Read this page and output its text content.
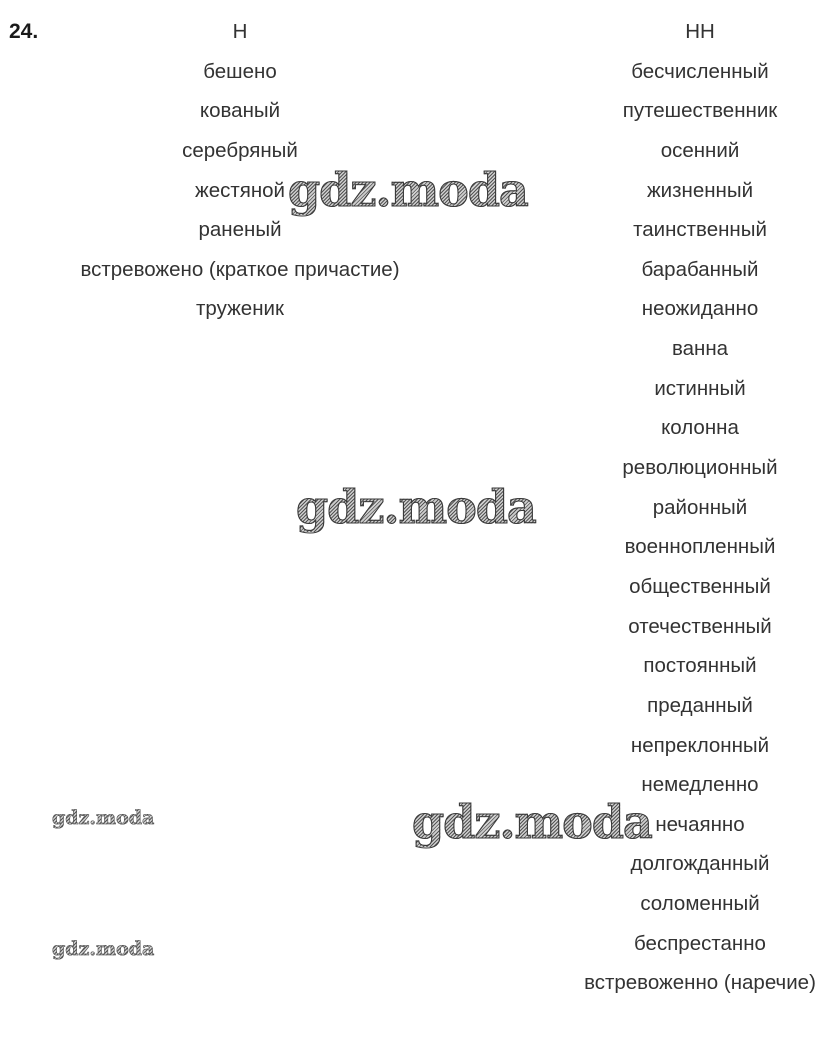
24.	Н
бешено
кованый
серебряный
жестяной
раненый
встревожено (краткое причастие)
труженик
НН
бесчисленный
путешественник
осенний
жизненный
таинственный
барабанный
неожиданно
ванна
истинный
колонна
революционный
районный
военнопленный
общественный
отечественный
постоянный
преданный
непреклонный
немедленно
нечаянно
долгожданный
соломенный
беспрестанно
встревоженно (наречие)
gdz.moda
gdz.moda
gdz.moda
gdz.moda
gdz.moda
